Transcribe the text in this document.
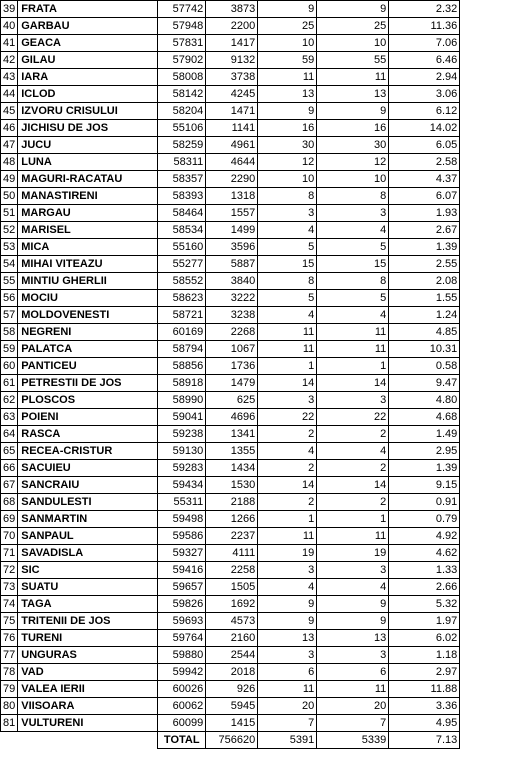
39	FRATA	57742	3873	9	9	2.32
40	GARBAU	57948	2200	25	25	11.36
41	GEACA	57831	1417	10	10	7.06
42	GILAU	57902	9132	59	55	6.46
43	IARA	58008	3738	11	11	2.94
44	ICLOD	58142	4245	13	13	3.06
45	IZVORU CRISULUI	58204	1471	9	9	6.12
46	JICHISU DE JOS	55106	1141	16	16	14.02
47	JUCU	58259	4961	30	30	6.05
48	LUNA	58311	4644	12	12	2.58
49	MAGURI-RACATAU	58357	2290	10	10	4.37
50	MANASTIRENI	58393	1318	8	8	6.07
51	MARGAU	58464	1557	3	3	1.93
52	MARISEL	58534	1499	4	4	2.67
53	MICA	55160	3596	5	5	1.39
54	MIHAI VITEAZU	55277	5887	15	15	2.55
55	MINTIU GHERLII	58552	3840	8	8	2.08
56	MOCIU	58623	3222	5	5	1.55
57	MOLDOVENESTI	58721	3238	4	4	1.24
58	NEGRENI	60169	2268	11	11	4.85
59	PALATCA	58794	1067	11	11	10.31
60	PANTICEU	58856	1736	1	1	0.58
61	PETRESTII DE JOS	58918	1479	14	14	9.47
62	PLOSCOS	58990	625	3	3	4.80
63	POIENI	59041	4696	22	22	4.68
64	RASCA	59238	1341	2	2	1.49
65	RECEA-CRISTUR	59130	1355	4	4	2.95
66	SACUIEU	59283	1434	2	2	1.39
67	SANCRAIU	59434	1530	14	14	9.15
68	SANDULESTI	55311	2188	2	2	0.91
69	SANMARTIN	59498	1266	1	1	0.79
70	SANPAUL	59586	2237	11	11	4.92
71	SAVADISLA	59327	4111	19	19	4.62
72	SIC	59416	2258	3	3	1.33
73	SUATU	59657	1505	4	4	2.66
74	TAGA	59826	1692	9	9	5.32
75	TRITENII DE JOS	59693	4573	9	9	1.97
76	TURENI	59764	2160	13	13	6.02
77	UNGURAS	59880	2544	3	3	1.18
78	VAD	59942	2018	6	6	2.97
79	VALEA IERII	60026	926	11	11	11.88
80	VIISOARA	60062	5945	20	20	3.36
81	VULTURENI	60099	1415	7	7	4.95
		TOTAL	756620	5391	5339	7.13
